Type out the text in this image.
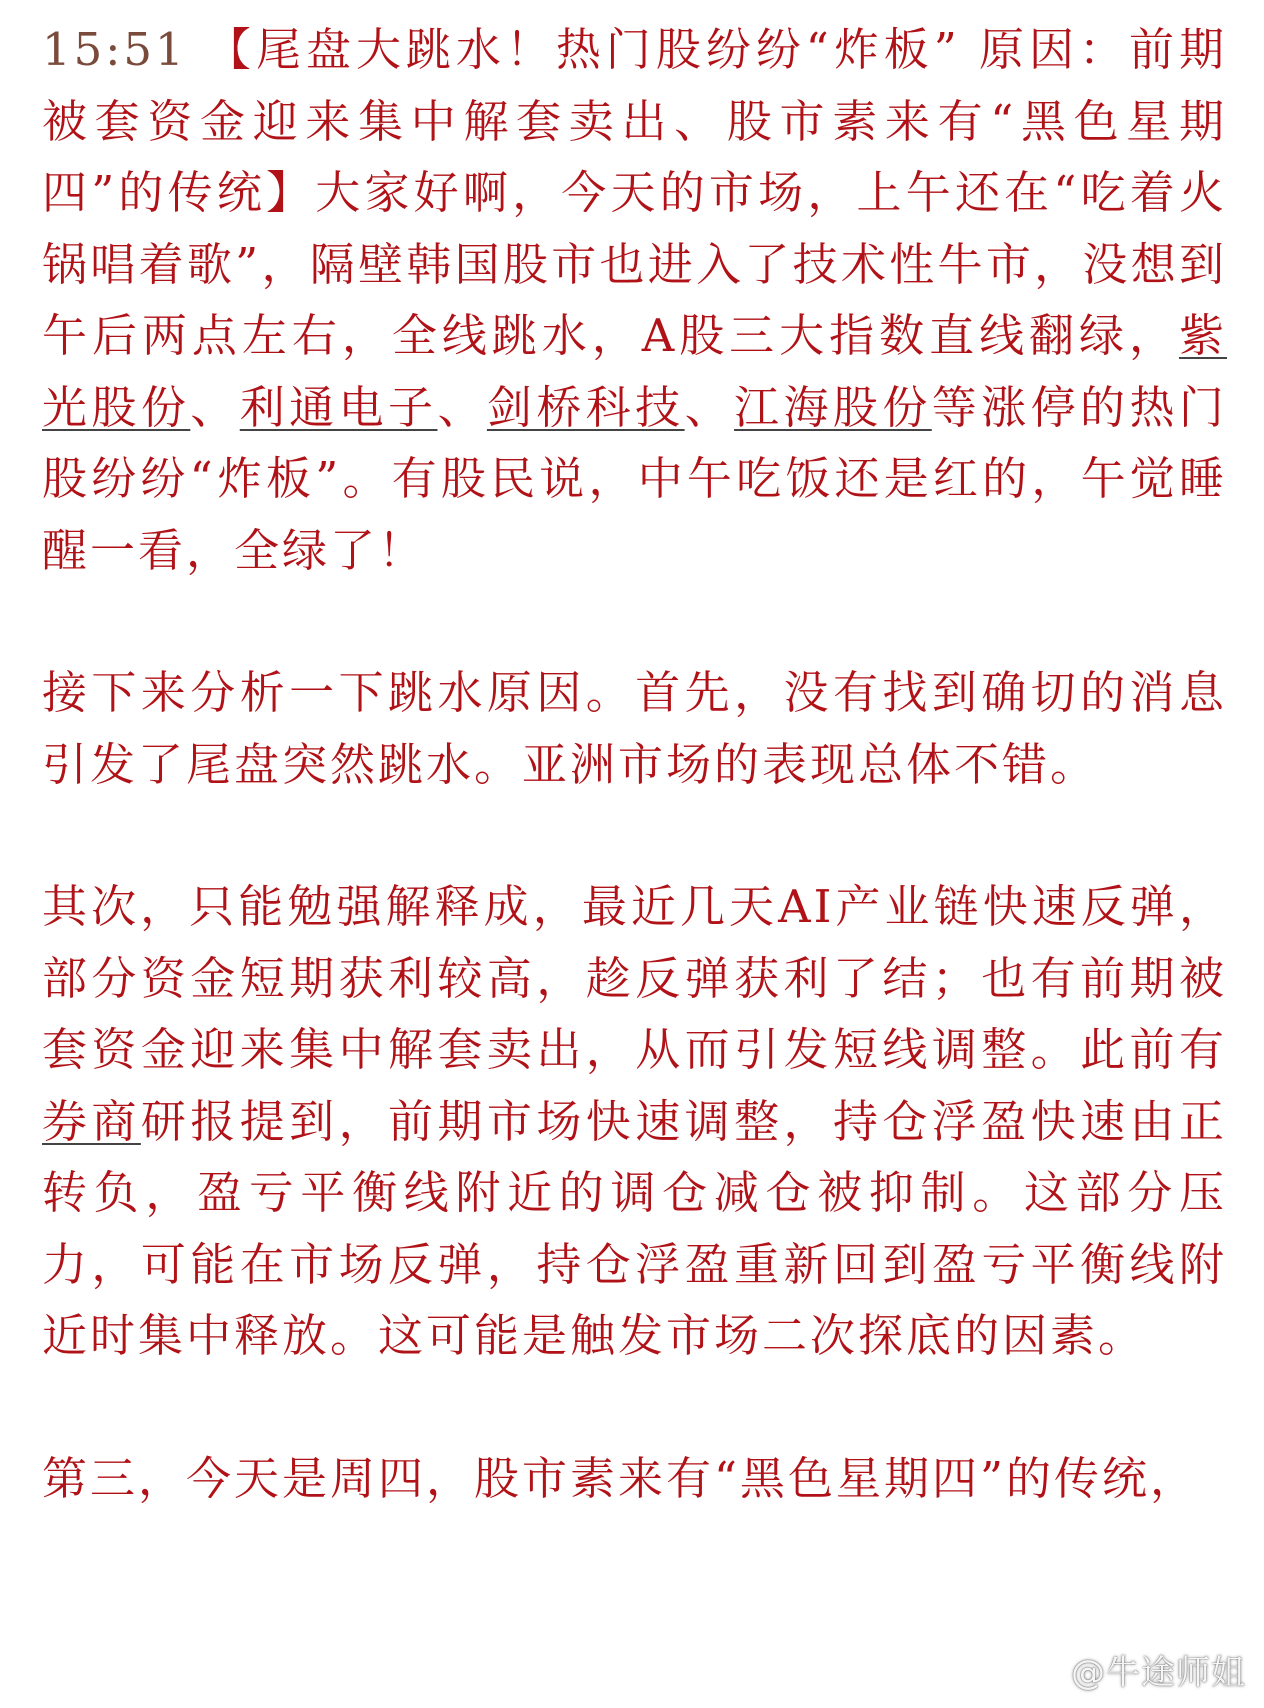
15:51 【尾盘大跳水！热门股纷纷“炸板” 原因：前期被套资金迎来集中解套卖出、股市素来有“黑色星期四”的传统】大家好啊，今天的市场，上午还在“吃着火锅唱着歌”，隔壁韩国股市也进入了技术性牛市，没想到午后两点左右，全线跳水，A股三大指数直线翻绿，紫光股份、利通电子、剑桥科技、江海股份等涨停的热门股纷纷“炸板”。有股民说，中午吃饭还是红的，午觉睡醒一看，全绿了！

接下来分析一下跳水原因。首先，没有找到确切的消息引发了尾盘突然跳水。亚洲市场的表现总体不错。

其次，只能勉强解释成，最近几天AI产业链快速反弹，部分资金短期获利较高，趁反弹获利了结；也有前期被套资金迎来集中解套卖出，从而引发短线调整。此前有券商研报提到，前期市场快速调整，持仓浮盈快速由正转负，盈亏平衡线附近的调仓减仓被抑制。这部分压力，可能在市场反弹，持仓浮盈重新回到盈亏平衡线附近时集中释放。这可能是触发市场二次探底的因素。

第三，今天是周四，股市素来有“黑色星期四”的传统，

@牛途师姐
